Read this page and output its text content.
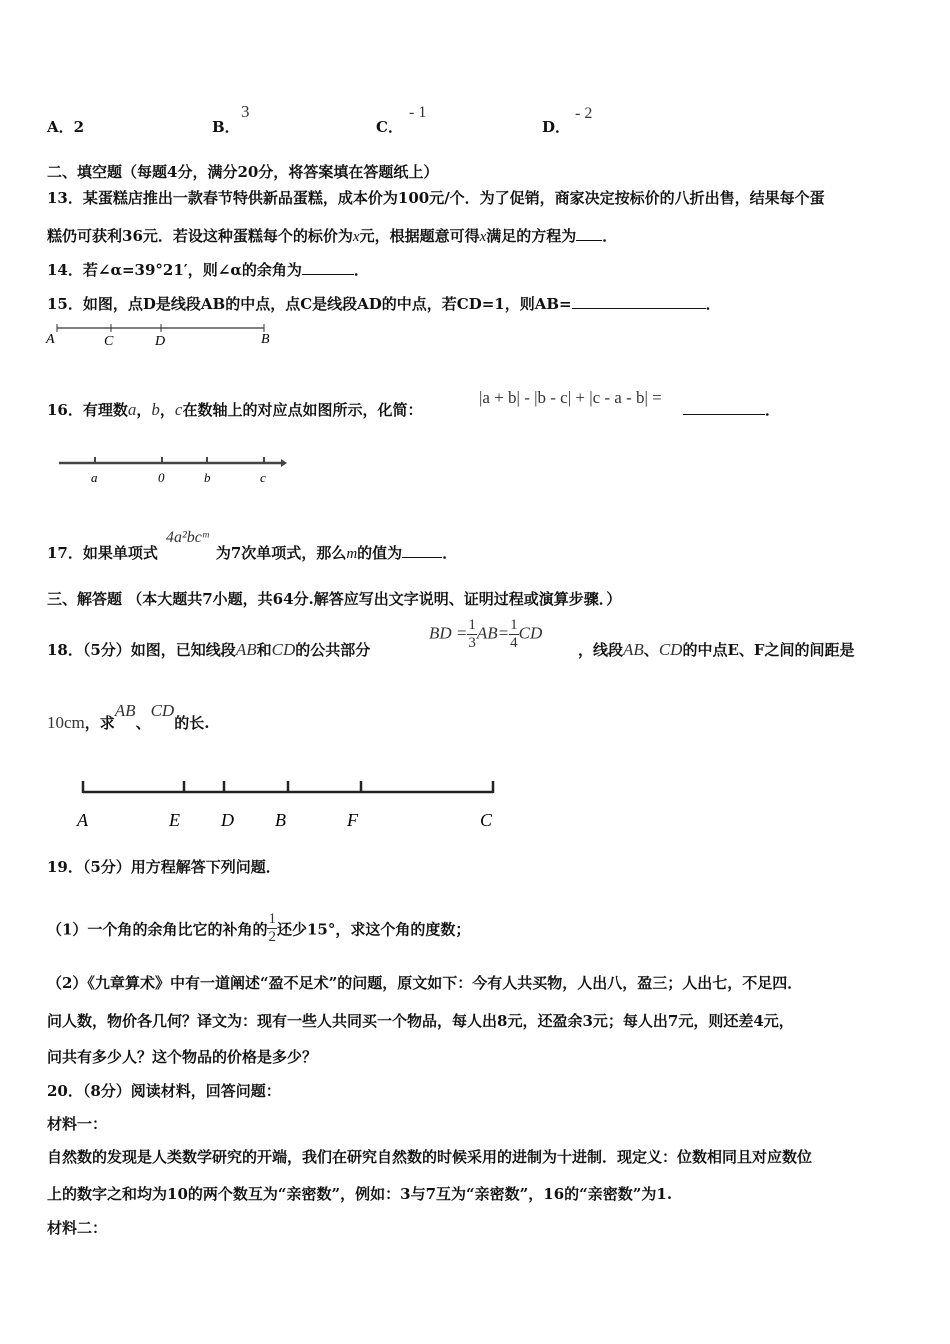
A．2	B．
3
C．
- 1
D．
- 2
二、填空题（每题4分，满分20分，将答案填在答题纸上）
13．某蛋糕店推出一款春节特供新品蛋糕，成本价为100元/个．为了促销，商家决定按标价的八折出售，结果每个蛋
糕仍可获利36元．若设这种蛋糕每个的标价为x元，根据题意可得x满足的方程为 ．
14．若∠α=39°21′，则∠α的余角为	．
15．如图，点D是线段AB的中点，点C是线段AD的中点，若CD=1，则AB=	．
A	C	D	B
16．有理数a，b，c在数轴上的对应点如图所示，化简：
|a + b| - |b - c| + |c - a - b| =
．
a	0	b	c
17．如果单项式	为7次单项式，那么m的值为	．
4a²bcᵐ
三、解答题 （本大题共7小题，共64分.解答应写出文字说明、证明过程或演算步骤．）
18．（5分）如图，已知线段AB和CD的公共部分
BD = $\frac{1}{3} AB= \frac{1}{4}$ CD
，线段AB、CD的中点E、F之间的间距是
10cm，求AB、CD的长.
A	E D B	F	C
19．（5分）用方程解答下列问题．
（1）一个角的余角比它的补角的 $\frac{1}{2}$ 还少15°，求这个角的度数；
（2）《九章算术》中有一道阐述“盈不足术”的问题，原文如下：今有人共买物，人出八，盈三；人出七，不足四．
问人数，物价各几何？译文为：现有一些人共同买一个物品，每人出8元，还盈余3元；每人出7元，则还差4元，
问共有多少人？这个物品的价格是多少？
20．（8分）阅读材料，回答问题：
材料一：
自然数的发现是人类数学研究的开端，我们在研究自然数的时候采用的进制为十进制．现定义：位数相同且对应数位
上的数字之和均为10的两个数互为“亲密数”，例如：3与7互为“亲密数”，16的“亲密数”为1.
材料二：
